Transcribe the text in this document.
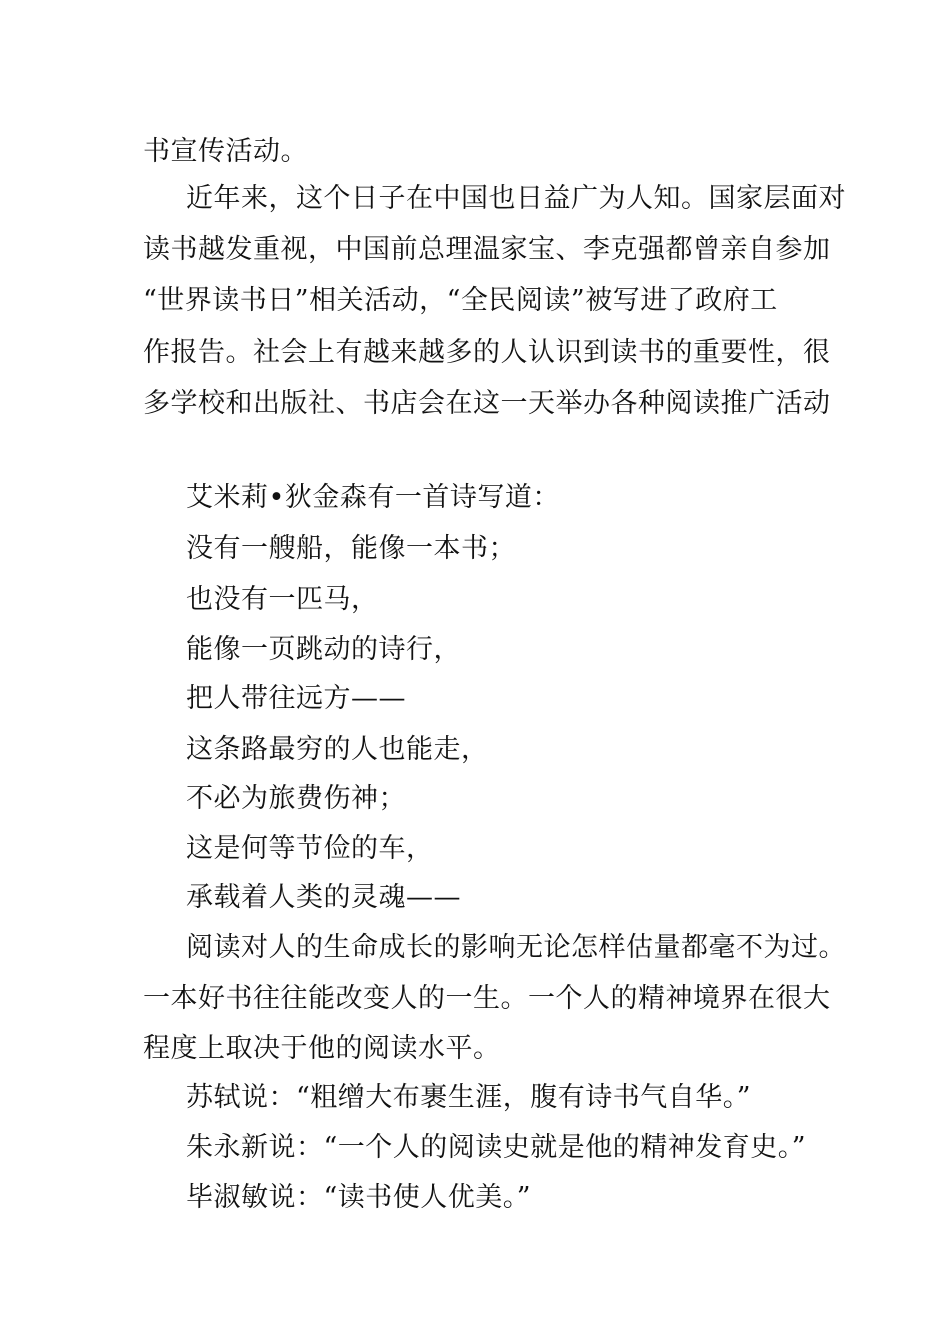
书宣传活动。
近年来，这个日子在中国也日益广为人知。国家层面对
读书越发重视，中国前总理温家宝、李克强都曾亲自参加
“世界读书日”相关活动，“全民阅读”被写进了政府工
作报告。社会上有越来越多的人认识到读书的重要性，很
多学校和出版社、书店会在这一天举办各种阅读推广活动
艾米莉•狄金森有一首诗写道：
没有一艘船，能像一本书；
也没有一匹马，
能像一页跳动的诗行，
把人带往远方——
这条路最穷的人也能走，
不必为旅费伤神；
这是何等节俭的车，
承载着人类的灵魂——
阅读对人的生命成长的影响无论怎样估量都毫不为过。
一本好书往往能改变人的一生。一个人的精神境界在很大
程度上取决于他的阅读水平。
苏轼说：“粗缯大布裹生涯，腹有诗书气自华。”
朱永新说：“一个人的阅读史就是他的精神发育史。”
毕淑敏说：“读书使人优美。”
